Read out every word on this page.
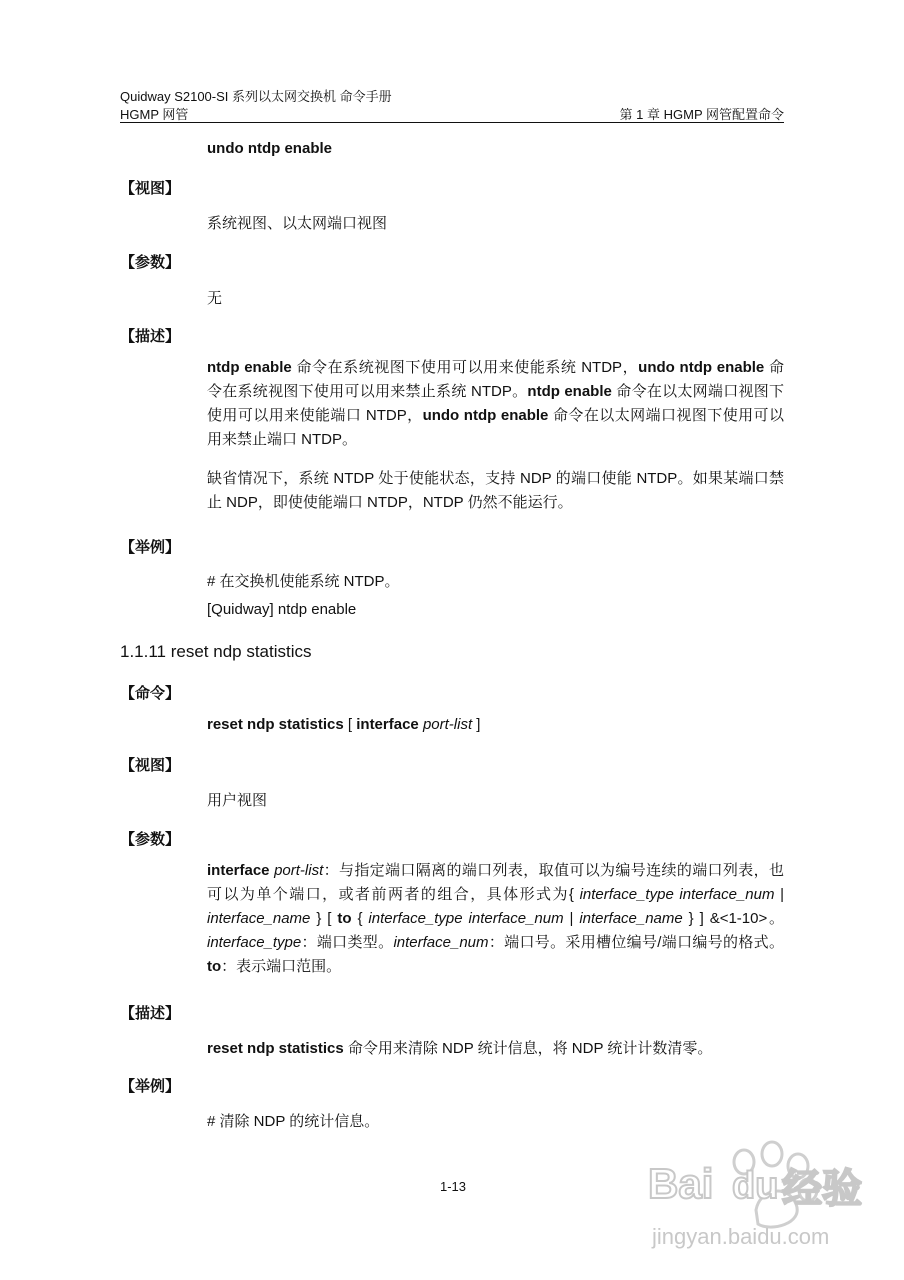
Quidway S2100-SI 系列以太网交换机 命令手册
HGMP 网管	第 1 章 HGMP 网管配置命令
undo ntdp enable
【视图】
系统视图、以太网端口视图
【参数】
无
【描述】
ntdp enable 命令在系统视图下使用可以用来使能系统 NTDP，undo ntdp enable 命令在系统视图下使用可以用来禁止系统 NTDP。ntdp enable 命令在以太网端口视图下使用可以用来使能端口 NTDP，undo ntdp enable 命令在以太网端口视图下使用可以用来禁止端口 NTDP。
缺省情况下，系统 NTDP 处于使能状态，支持 NDP 的端口使能 NTDP。如果某端口禁止 NDP，即使使能端口 NTDP，NTDP 仍然不能运行。
【举例】
# 在交换机使能系统 NTDP。
[Quidway] ntdp enable
1.1.11 reset ndp statistics
【命令】
reset ndp statistics [ interface port-list ]
【视图】
用户视图
【参数】
interface port-list：与指定端口隔离的端口列表，取值可以为编号连续的端口列表，也可以为单个端口，或者前两者的组合，具体形式为{ interface_type interface_num | interface_name } [ to { interface_type interface_num | interface_name } ] &<1-10>。interface_type：端口类型。interface_num：端口号。采用槽位编号/端口编号的格式。to：表示端口范围。
【描述】
reset ndp statistics 命令用来清除 NDP 统计信息，将 NDP 统计计数清零。
【举例】
# 清除 NDP 的统计信息。
1-13	Bai du 经验
jingyan.baidu.com
